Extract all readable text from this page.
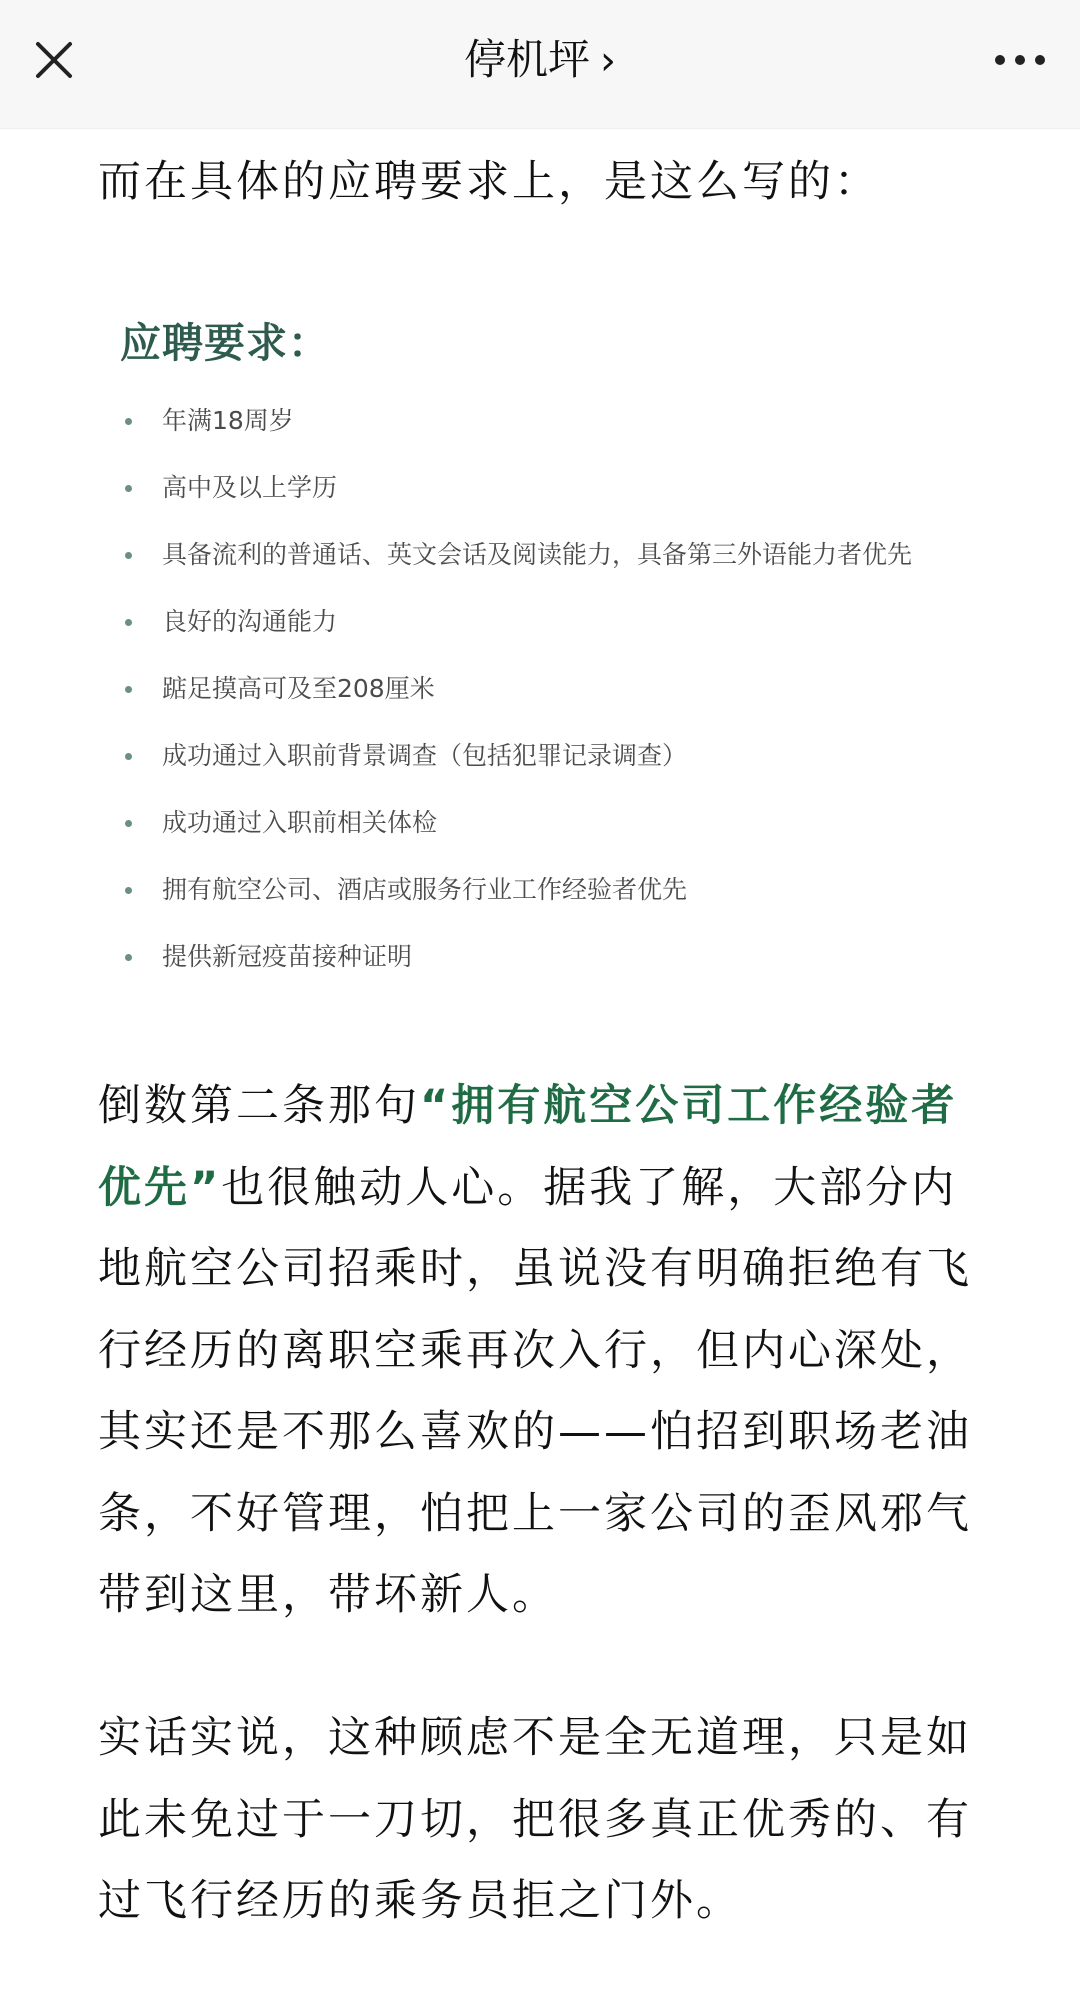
停机坪 ›

而在具体的应聘要求上，是这么写的：

应聘要求：
年满18周岁
高中及以上学历
具备流利的普通话、英文会话及阅读能力，具备第三外语能力者优先
良好的沟通能力
踮足摸高可及至208厘米
成功通过入职前背景调查（包括犯罪记录调查）
成功通过入职前相关体检
拥有航空公司、酒店或服务行业工作经验者优先
提供新冠疫苗接种证明

倒数第二条那句“拥有航空公司工作经验者优先”也很触动人心。据我了解，大部分内地航空公司招乘时，虽说没有明确拒绝有飞行经历的离职空乘再次入行，但内心深处，其实还是不那么喜欢的——怕招到职场老油条，不好管理，怕把上一家公司的歪风邪气带到这里，带坏新人。

实话实说，这种顾虑不是全无道理，只是如此未免过于一刀切，把很多真正优秀的、有过飞行经历的乘务员拒之门外。
